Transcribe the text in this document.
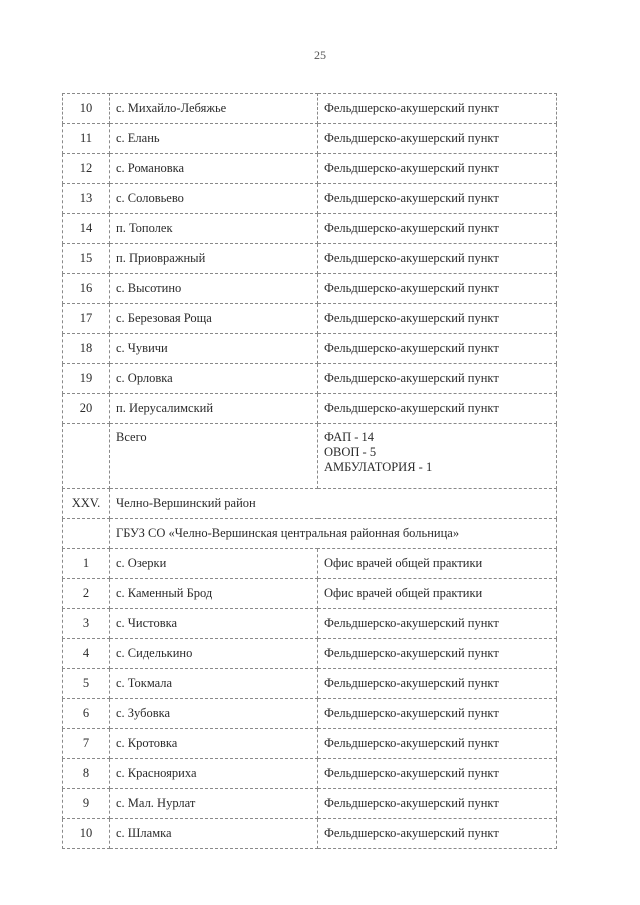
25
10	с. Михайло-Лебяжье	Фельдшерско-акушерский пункт
11	с. Елань	Фельдшерско-акушерский пункт
12	с. Романовка	Фельдшерско-акушерский пункт
13	с. Соловьево	Фельдшерско-акушерский пункт
14	п. Тополек	Фельдшерско-акушерский пункт
15	п. Приовражный	Фельдшерско-акушерский пункт
16	с. Высотино	Фельдшерско-акушерский пункт
17	с. Березовая Роща	Фельдшерско-акушерский пункт
18	с. Чувичи	Фельдшерско-акушерский пункт
19	с. Орловка	Фельдшерско-акушерский пункт
20	п. Иерусалимский	Фельдшерско-акушерский пункт
	Всего	ФАП - 14
ОВОП - 5
АМБУЛАТОРИЯ - 1

XXV.	Челно-Вершинский район	
	ГБУЗ СО «Челно-Вершинская центральная районная больница»	
1	с. Озерки	Офис врачей общей практики
2	с. Каменный Брод	Офис врачей общей практики
3	с. Чистовка	Фельдшерско-акушерский пункт
4	с. Сиделькино	Фельдшерско-акушерский пункт
5	с. Токмала	Фельдшерско-акушерский пункт
6	с. Зубовка	Фельдшерско-акушерский пункт
7	с. Кротовка	Фельдшерско-акушерский пункт
8	с. Краснояриха	Фельдшерско-акушерский пункт
9	с. Мал. Нурлат	Фельдшерско-акушерский пункт
10	с. Шламка	Фельдшерско-акушерский пункт
